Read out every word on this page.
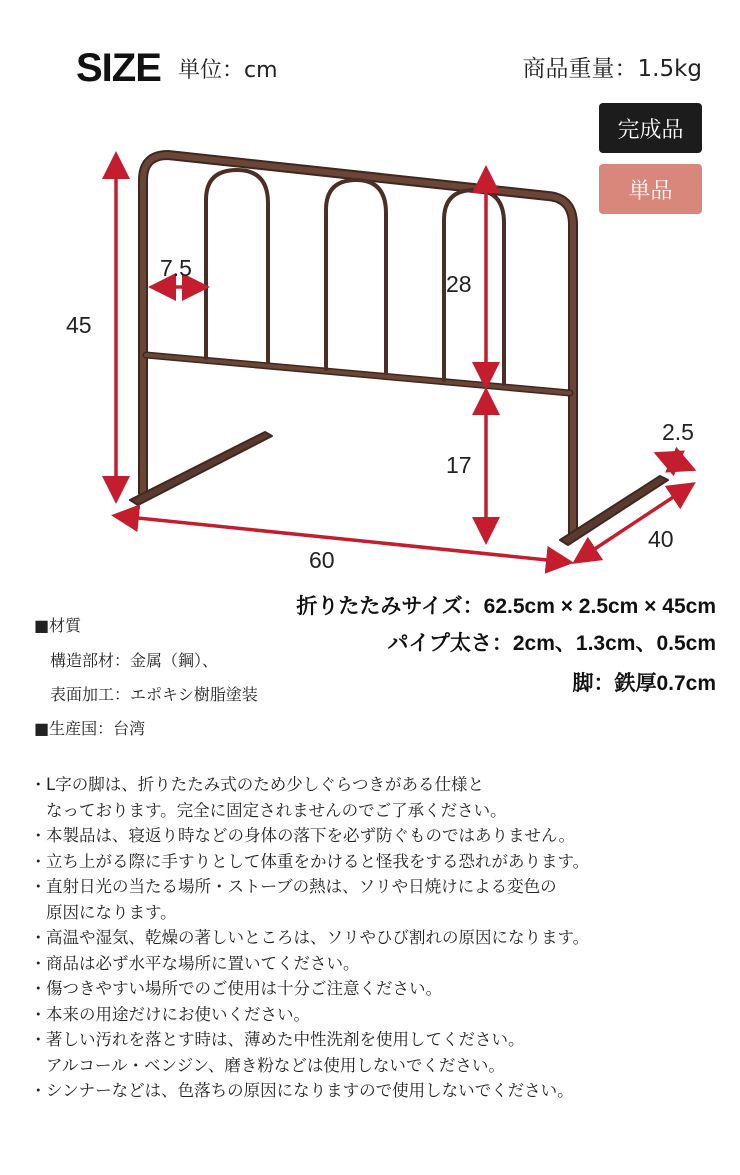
SIZE 単位：cm	商品重量：1.5kg
完成品
単品
45
7.5
28
17
60
40
2.5
折りたたみサイズ：62.5cm × 2.5cm × 45cm
パイプ太さ：2cm、1.3cm、0.5cm
脚：鉄厚0.7cm
■材質
構造部材：金属（鋼）、
表面加工：エポキシ樹脂塗装
■生産国：台湾
・ L字の脚は、折りたたみ式のため少しぐらつきがある仕様と
なっております。完全に固定されませんのでご了承ください。
・ 本製品は、寝返り時などの身体の落下を必ず防ぐものではありません。
・ 立ち上がる際に手すりとして体重をかけると怪我をする恐れがあります。
・ 直射日光の当たる場所・ストーブの熱は、ソリや日焼けによる変色の
原因になります。
・ 高温や湿気、乾燥の著しいところは、ソリやひび割れの原因になります。
・ 商品は必ず水平な場所に置いてください。
・ 傷つきやすい場所でのご使用は十分ご注意ください。
・ 本来の用途だけにお使いください。
・ 著しい汚れを落とす時は、薄めた中性洗剤を使用してください。
アルコール・ベンジン、磨き粉などは使用しないでください。
・ シンナーなどは、色落ちの原因になりますので使用しないでください。
